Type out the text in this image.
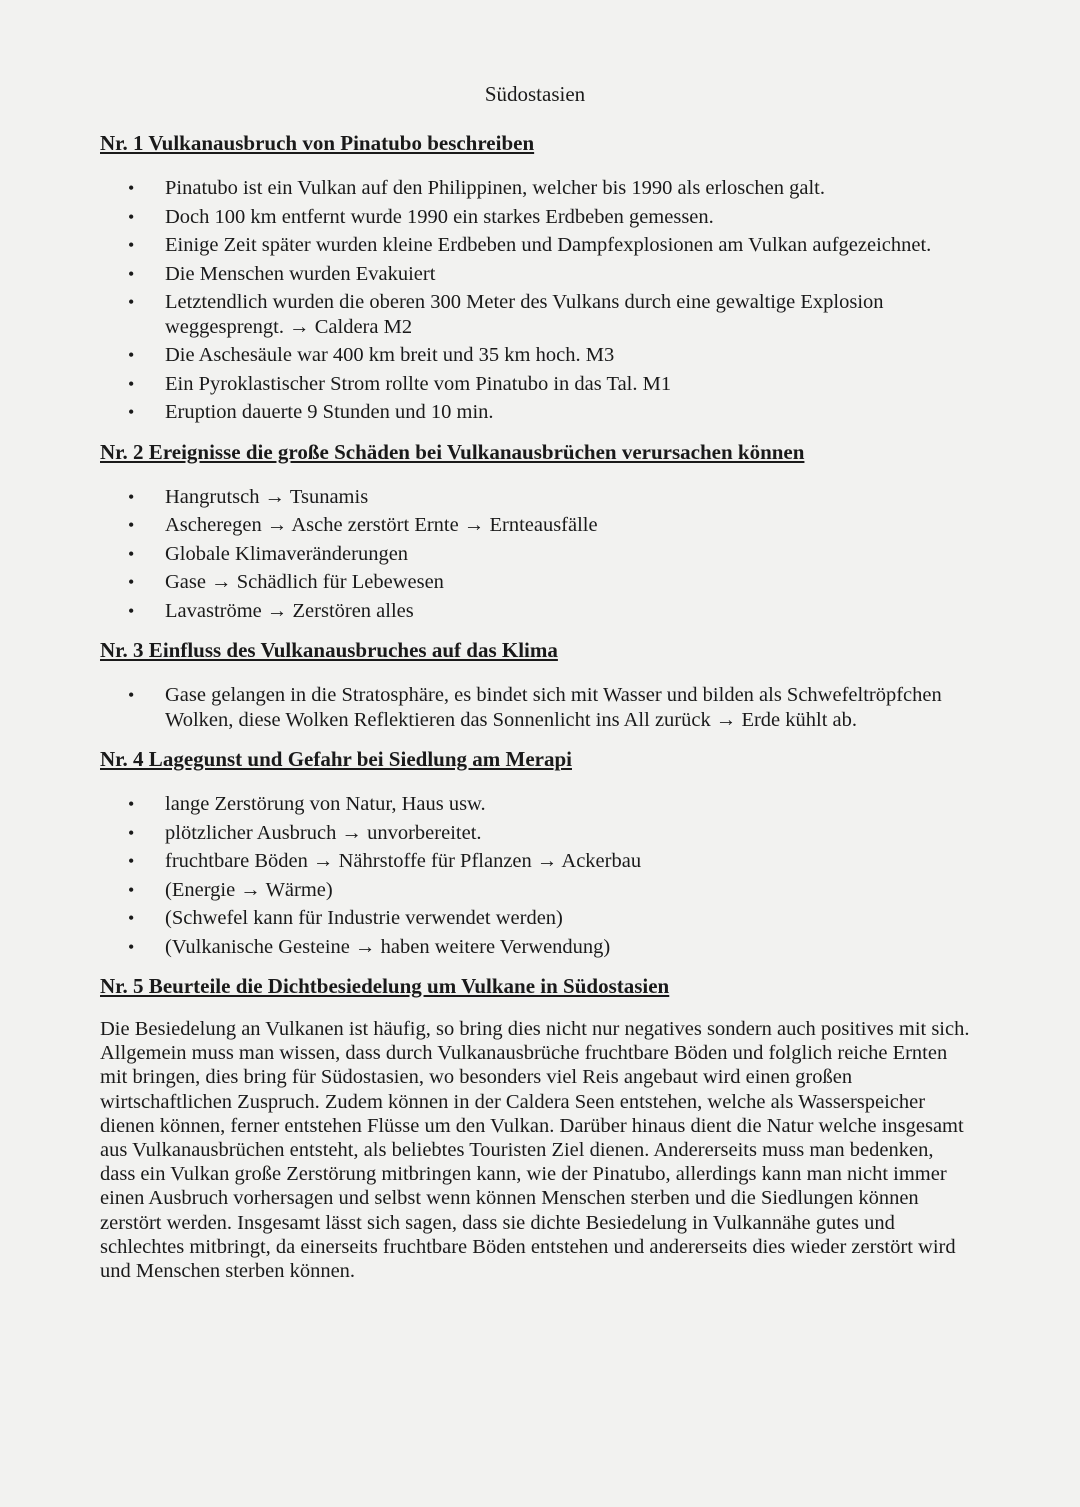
Südostasien
Nr. 1 Vulkanausbruch von Pinatubo beschreiben
• Pinatubo ist ein Vulkan auf den Philippinen, welcher bis 1990 als erloschen galt.
• Doch 100 km entfernt wurde 1990 ein starkes Erdbeben gemessen.
• Einige Zeit später wurden kleine Erdbeben und Dampfexplosionen am Vulkan aufgezeichnet.
• Die Menschen wurden Evakuiert
• Letztendlich wurden die oberen 300 Meter des Vulkans durch eine gewaltige Explosion weggesprengt. → Caldera M2
• Die Aschesäule war 400 km breit und 35 km hoch. M3
• Ein Pyroklastischer Strom rollte vom Pinatubo in das Tal. M1
• Eruption dauerte 9 Stunden und 10 min.
Nr. 2 Ereignisse die große Schäden bei Vulkanausbrüchen verursachen können
• Hangrutsch → Tsunamis
• Ascheregen → Asche zerstört Ernte → Ernteausfälle
• Globale Klimaveränderungen
• Gase → Schädlich für Lebewesen
• Lavaströme → Zerstören alles
Nr. 3 Einfluss des Vulkanausbruches auf das Klima
• Gase gelangen in die Stratosphäre, es bindet sich mit Wasser und bilden als Schwefeltröpfchen Wolken, diese Wolken Reflektieren das Sonnenlicht ins All zurück → Erde kühlt ab.
Nr. 4 Lagegunst und Gefahr bei Siedlung am Merapi
• lange Zerstörung von Natur, Haus usw.
• plötzlicher Ausbruch → unvorbereitet.
• fruchtbare Böden → Nährstoffe für Pflanzen → Ackerbau
• (Energie → Wärme)
• (Schwefel kann für Industrie verwendet werden)
• (Vulkanische Gesteine → haben weitere Verwendung)
Nr. 5 Beurteile die Dichtbesiedelung um Vulkane in Südostasien

Die Besiedelung an Vulkanen ist häufig, so bring dies nicht nur negatives sondern auch positives mit sich. Allgemein muss man wissen, dass durch Vulkanausbrüche fruchtbare Böden und folglich reiche Ernten mit bringen, dies bring für Südostasien, wo besonders viel Reis angebaut wird einen großen wirtschaftlichen Zuspruch. Zudem können in der Caldera Seen entstehen, welche als Wasserspeicher dienen können, ferner entstehen Flüsse um den Vulkan. Darüber hinaus dient die Natur welche insgesamt aus Vulkanausbrüchen entsteht, als beliebtes Touristen Ziel dienen. Andererseits muss man bedenken, dass ein Vulkan große Zerstörung mitbringen kann, wie der Pinatubo, allerdings kann man nicht immer einen Ausbruch vorhersagen und selbst wenn können Menschen sterben und die Siedlungen können zerstört werden. Insgesamt lässt sich sagen, dass sie dichte Besiedelung in Vulkannähe gutes und schlechtes mitbringt, da einerseits fruchtbare Böden entstehen und andererseits dies wieder zerstört wird und Menschen sterben können.
